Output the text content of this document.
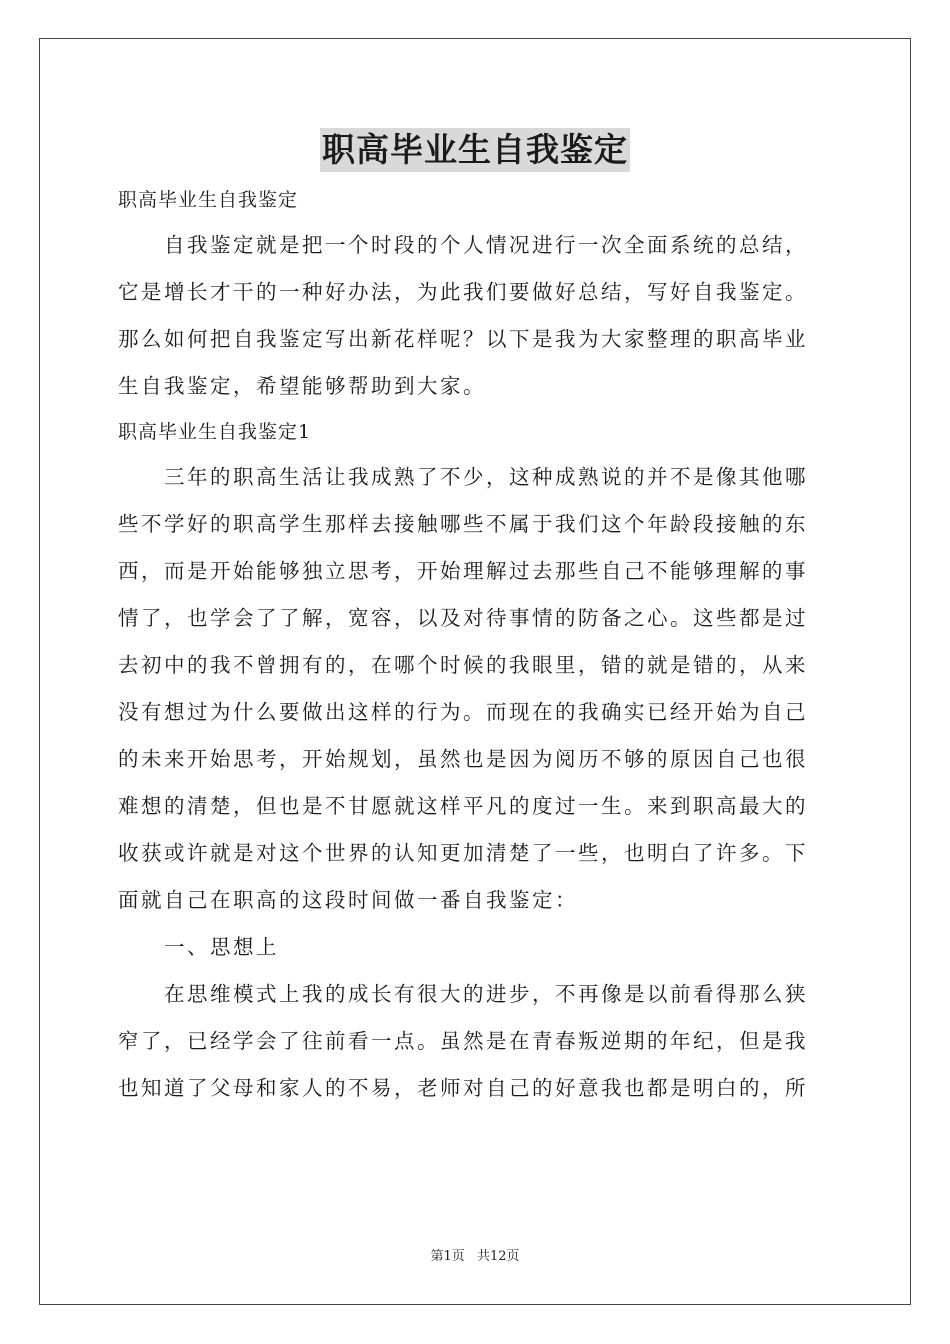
职高毕业生自我鉴定
职高毕业生自我鉴定
自我鉴定就是把一个时段的个人情况进行一次全面系统的总结，
它是增长才干的一种好办法，为此我们要做好总结，写好自我鉴定。
那么如何把自我鉴定写出新花样呢？以下是我为大家整理的职高毕业
生自我鉴定，希望能够帮助到大家。
职高毕业生自我鉴定1
三年的职高生活让我成熟了不少，这种成熟说的并不是像其他哪
些不学好的职高学生那样去接触哪些不属于我们这个年龄段接触的东
西，而是开始能够独立思考，开始理解过去那些自己不能够理解的事
情了，也学会了了解，宽容，以及对待事情的防备之心。这些都是过
去初中的我不曾拥有的，在哪个时候的我眼里，错的就是错的，从来
没有想过为什么要做出这样的行为。而现在的我确实已经开始为自己
的未来开始思考，开始规划，虽然也是因为阅历不够的原因自己也很
难想的清楚，但也是不甘愿就这样平凡的度过一生。来到职高最大的
收获或许就是对这个世界的认知更加清楚了一些，也明白了许多。下
面就自己在职高的这段时间做一番自我鉴定：
一、思想上
在思维模式上我的成长有很大的进步，不再像是以前看得那么狭
窄了，已经学会了往前看一点。虽然是在青春叛逆期的年纪，但是我
也知道了父母和家人的不易，老师对自己的好意我也都是明白的，所
第1页 共12页
